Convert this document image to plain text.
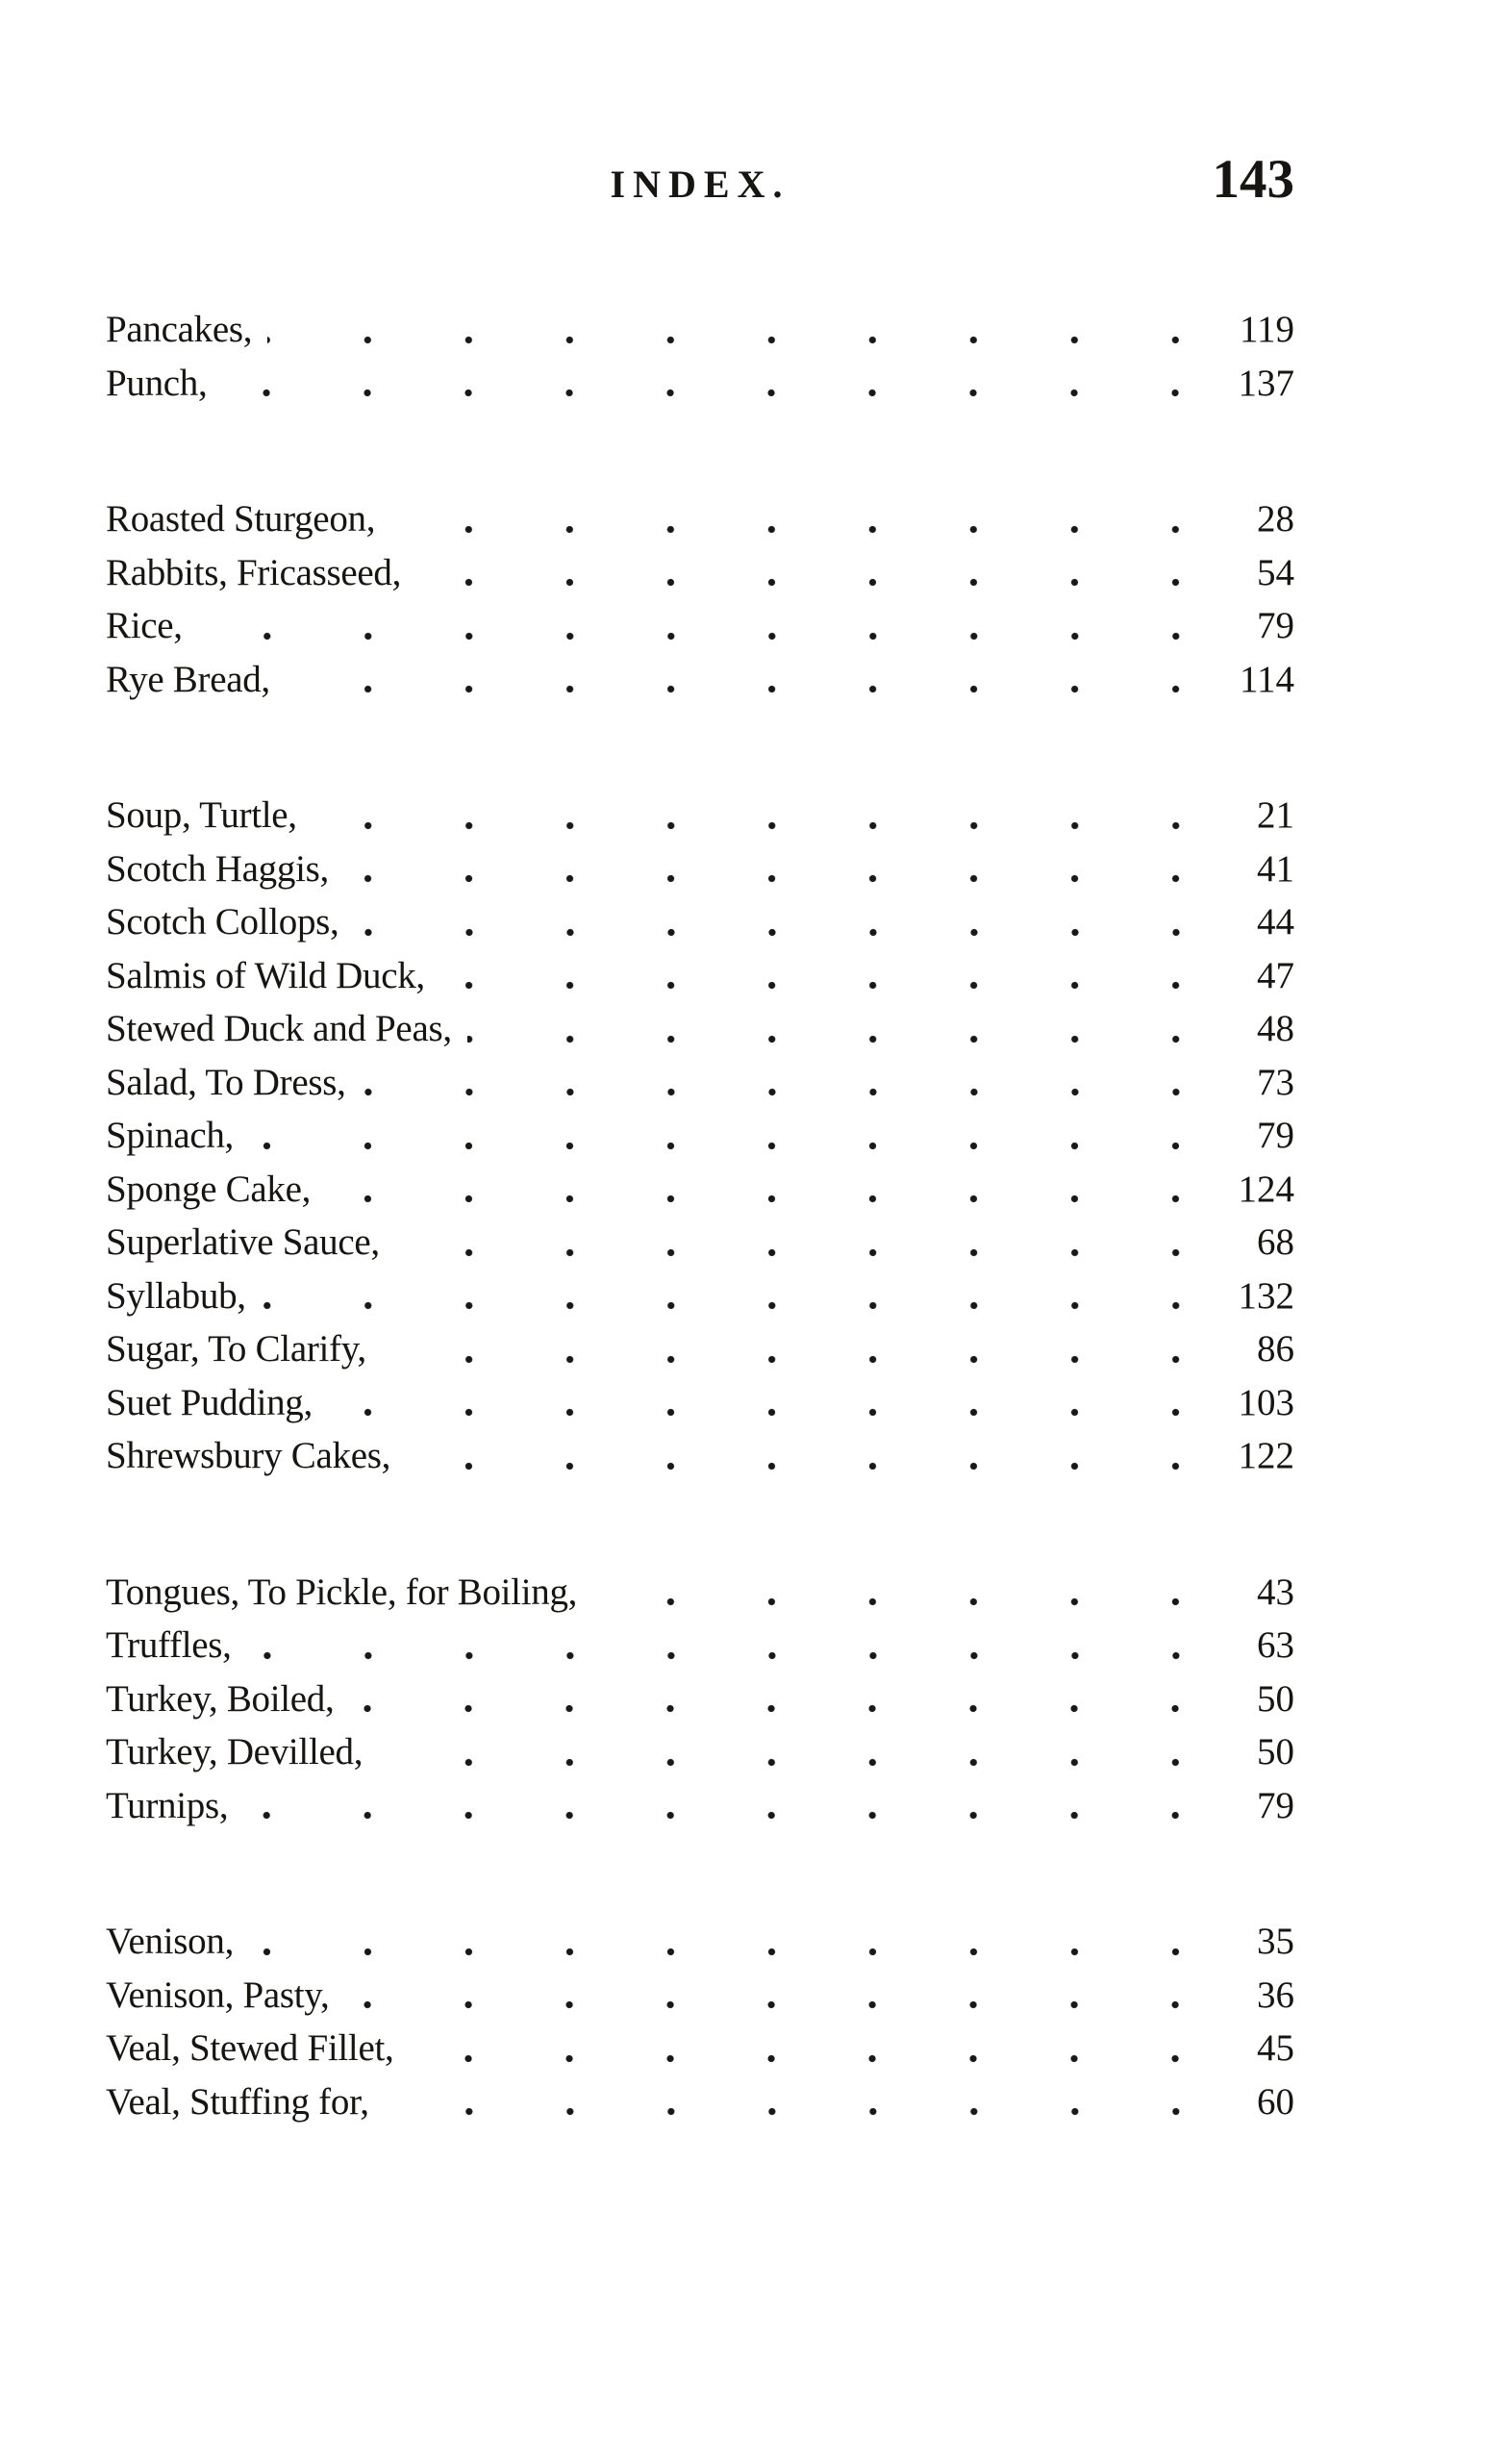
INDEX.	143
Pancakes,	119
Punch,	137
Roasted Sturgeon,	28
Rabbits, Fricasseed,	54
Rice,	79
Rye Bread,	114
Soup, Turtle,	21
Scotch Haggis,	41
Scotch Collops,	44
Salmis of Wild Duck,	47
Stewed Duck and Peas,	48
Salad, To Dress,	73
Spinach,	79
Sponge Cake,	124
Superlative Sauce,	68
Syllabub,	132
Sugar, To Clarify,	86
Suet Pudding,	103
Shrewsbury Cakes,	122
Tongues, To Pickle, for Boiling,	43
Truffles,	63
Turkey, Boiled,	50
Turkey, Devilled,	50
Turnips,	79
Venison,	35
Venison, Pasty,	36
Veal, Stewed Fillet,	45
Veal, Stuffing for,	60
